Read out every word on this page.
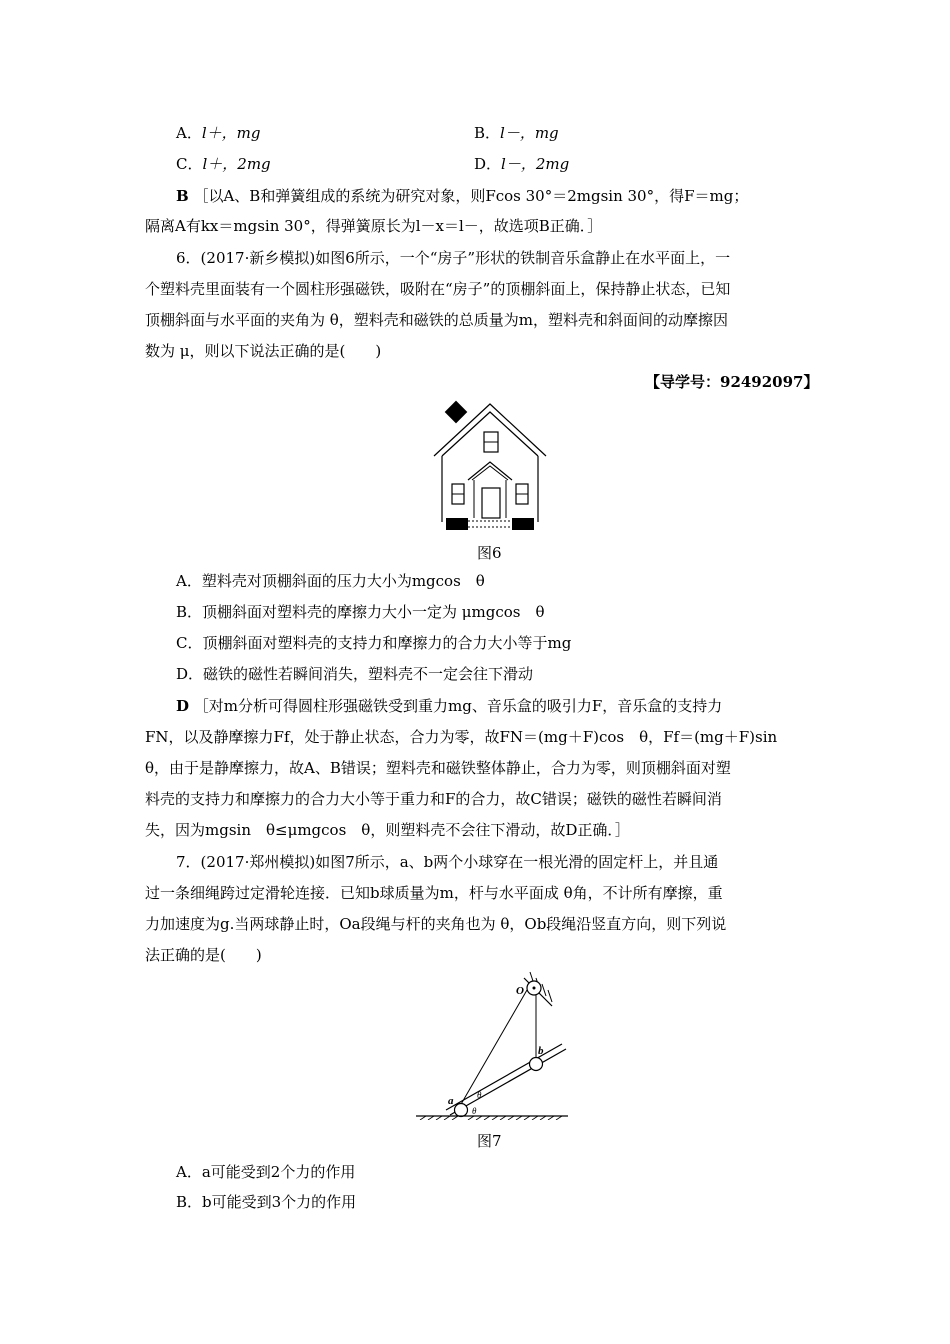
A．l＋，mg	B．l－，mg
C．l＋，2mg	D．l－，2mg
B ［以A、B和弹簧组成的系统为研究对象，则Fcos 30°＝2mgsin 30°，得F＝mg；
隔离A有kx＝mgsin 30°，得弹簧原长为l－x＝l－，故选项B正确．］
6．(2017·新乡模拟)如图6所示，一个“房子”形状的铁制音乐盒静止在水平面上，一
个塑料壳里面装有一个圆柱形强磁铁，吸附在“房子”的顶棚斜面上，保持静止状态，已知
顶棚斜面与水平面的夹角为 θ，塑料壳和磁铁的总质量为m，塑料壳和斜面间的动摩擦因
数为 μ，则以下说法正确的是(　　)
【导学号：92492097】
图6
A．塑料壳对顶棚斜面的压力大小为mgcos　θ
B．顶棚斜面对塑料壳的摩擦力大小一定为 μmgcos　θ
C．顶棚斜面对塑料壳的支持力和摩擦力的合力大小等于mg
D．磁铁的磁性若瞬间消失，塑料壳不一定会往下滑动
D ［对m分析可得圆柱形强磁铁受到重力mg、音乐盒的吸引力F，音乐盒的支持力
FN，以及静摩擦力Ff，处于静止状态，合力为零，故FN＝(mg＋F)cos　θ，Ff＝(mg＋F)sin
θ，由于是静摩擦力，故A、B错误；塑料壳和磁铁整体静止，合力为零，则顶棚斜面对塑
料壳的支持力和摩擦力的合力大小等于重力和F的合力，故C错误；磁铁的磁性若瞬间消
失，因为mgsin　θ≤μmgcos　θ，则塑料壳不会往下滑动，故D正确．］
7．(2017·郑州模拟)如图7所示，a、b两个小球穿在一根光滑的固定杆上，并且通
过一条细绳跨过定滑轮连接．已知b球质量为m，杆与水平面成 θ角，不计所有摩擦，重
力加速度为g.当两球静止时，Oa段绳与杆的夹角也为 θ，Ob段绳沿竖直方向，则下列说
法正确的是(　　)
O
b
a	θ
θ
图7
A．a可能受到2个力的作用
B．b可能受到3个力的作用
